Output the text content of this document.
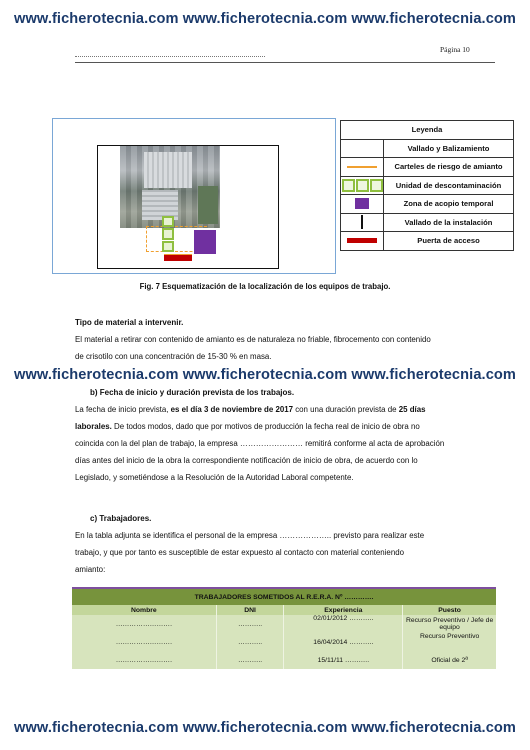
www.ficherotecnia.com www.ficherotecnia.com www.ficherotecnia.com
www.ficherotecnia.com www.ficherotecnia.com www.ficherotecnia.com
www.ficherotecnia.com www.ficherotecnia.com www.ficherotecnia.com
Página 10
Leyenda
Vallado y Balizamiento
Carteles de riesgo de amianto
Unidad de descontaminación
Zona de acopio temporal
Vallado de la instalación
Puerta de acceso
Fig. 7 Esquematización de la localización de los equipos de trabajo.
Tipo de material a intervenir.
El material a retirar con contenido de amianto es de naturaleza no friable, fibrocemento con contenido
de crisotilo con una concentración de 15-30 % en masa.
b) Fecha de inicio y duración prevista de los trabajos.
La fecha de inicio prevista, es el día 3 de noviembre de 2017 con una duración prevista de 25 días
laborales. De todos modos, dado que por motivos de producción la fecha real de inicio de obra no
coincida con la del plan de trabajo, la empresa …………………… remitirá conforme al acta de aprobación
días antes del inicio de la obra la correspondiente notificación de inicio de obra, de acuerdo con lo
Legislado, y sometiéndose a la Resolución de la Autoridad Laboral competente.
c) Trabajadores.
En la tabla adjunta se identifica el personal de la empresa ……………….. previsto para realizar este
trabajo, y que por tanto es susceptible de estar expuesto al contacto con material conteniendo
amianto:
TRABAJADORES SOMETIDOS AL R.E.R.A. Nº ………….			
Nombre	DNI	Experiencia	Puesto
…………………….	………..	02/01/2012 ………..	Recurso Preventivo / Jefe de equipo
…………………….	………..	16/04/2014 ………..	Recurso Preventivo
…………………….	………..	15/11/11 ………..	Oficial de 2ª
